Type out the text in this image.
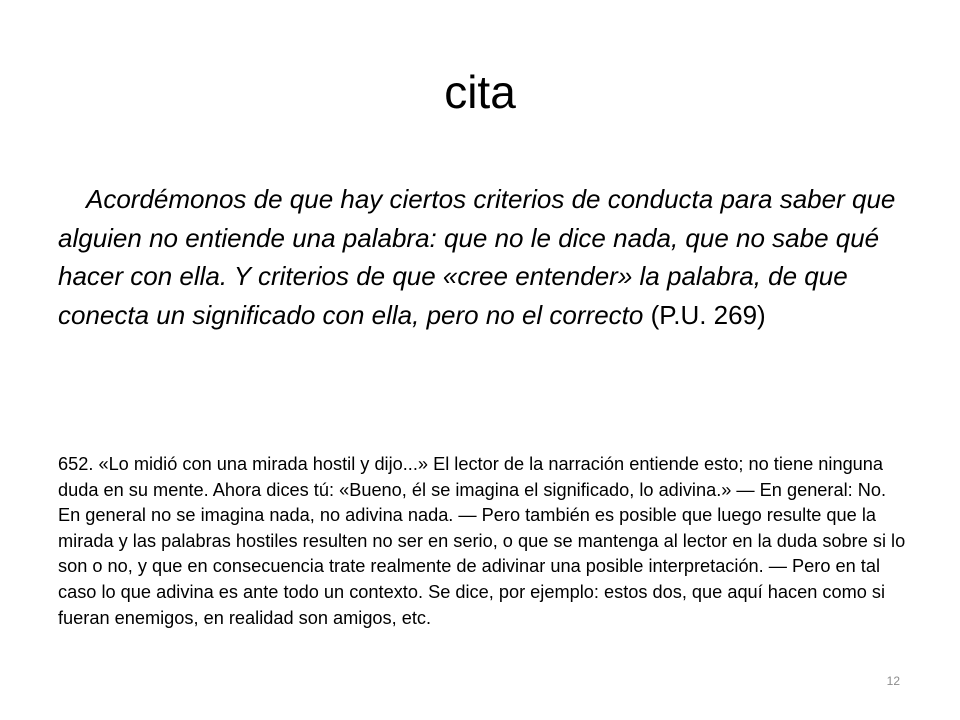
cita

Acordémonos de que hay ciertos criterios de conducta para saber que alguien no entiende una palabra: que no le dice nada, que no sabe qué hacer con ella. Y criterios de que «cree entender» la palabra, de que conecta un significado con ella, pero no el correcto (P.U. 269)

652. «Lo midió con una mirada hostil y dijo...» El lector de la narración entiende esto; no tiene ninguna duda en su mente. Ahora dices tú: «Bueno, él se imagina el significado, lo adivina.» — En general: No. En general no se imagina nada, no adivina nada. — Pero también es posible que luego resulte que la mirada y las palabras hostiles resulten no ser en serio, o que se mantenga al lector en la duda sobre si lo son o no, y que en consecuencia trate realmente de adivinar una posible interpretación. — Pero en tal caso lo que adivina es ante todo un contexto. Se dice, por ejemplo: estos dos, que aquí hacen como si fueran enemigos, en realidad son amigos, etc.

12
